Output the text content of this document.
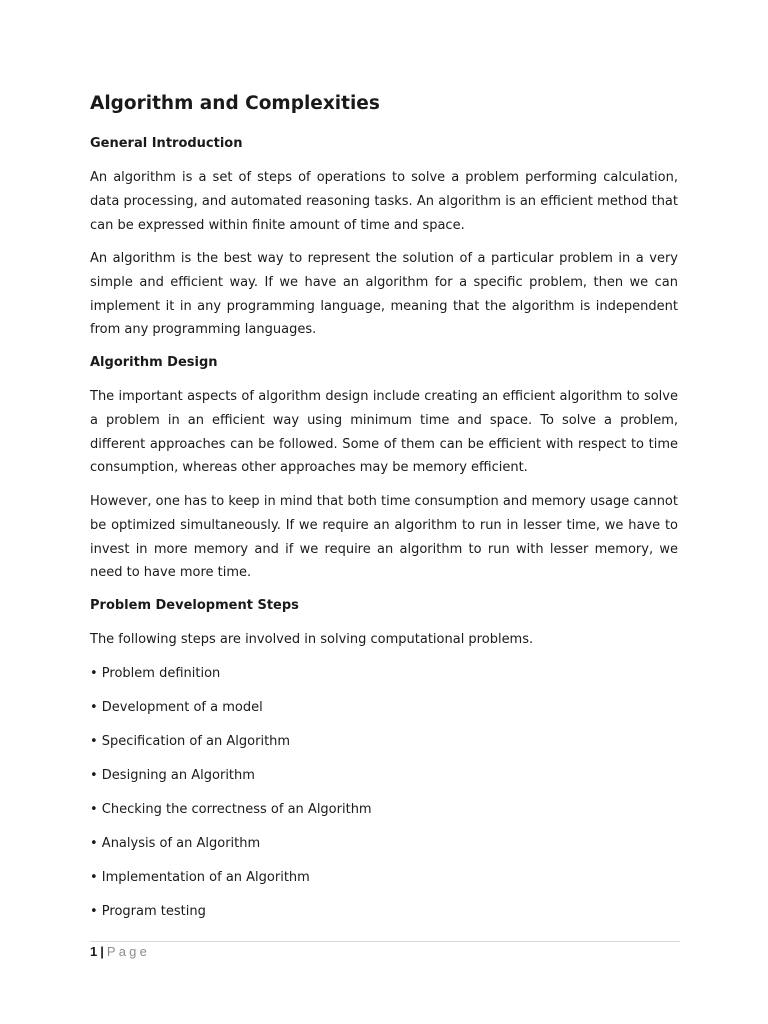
Algorithm and Complexities
General Introduction

An algorithm is a set of steps of operations to solve a problem performing calculation, data processing, and automated reasoning tasks. An algorithm is an efficient method that can be expressed within finite amount of time and space.

An algorithm is the best way to represent the solution of a particular problem in a very simple and efficient way. If we have an algorithm for a specific problem, then we can implement it in any programming language, meaning that the algorithm is independent from any programming languages.

Algorithm Design

The important aspects of algorithm design include creating an efficient algorithm to solve a problem in an efficient way using minimum time and space. To solve a problem, different approaches can be followed. Some of them can be efficient with respect to time consumption, whereas other approaches may be memory efficient.

However, one has to keep in mind that both time consumption and memory usage cannot be optimized simultaneously. If we require an algorithm to run in lesser time, we have to invest in more memory and if we require an algorithm to run with lesser memory, we need to have more time.

Problem Development Steps

The following steps are involved in solving computational problems.

• Problem definition

• Development of a model

• Specification of an Algorithm

• Designing an Algorithm

• Checking the correctness of an Algorithm

• Analysis of an Algorithm

• Implementation of an Algorithm

• Program testing

1 | Page
